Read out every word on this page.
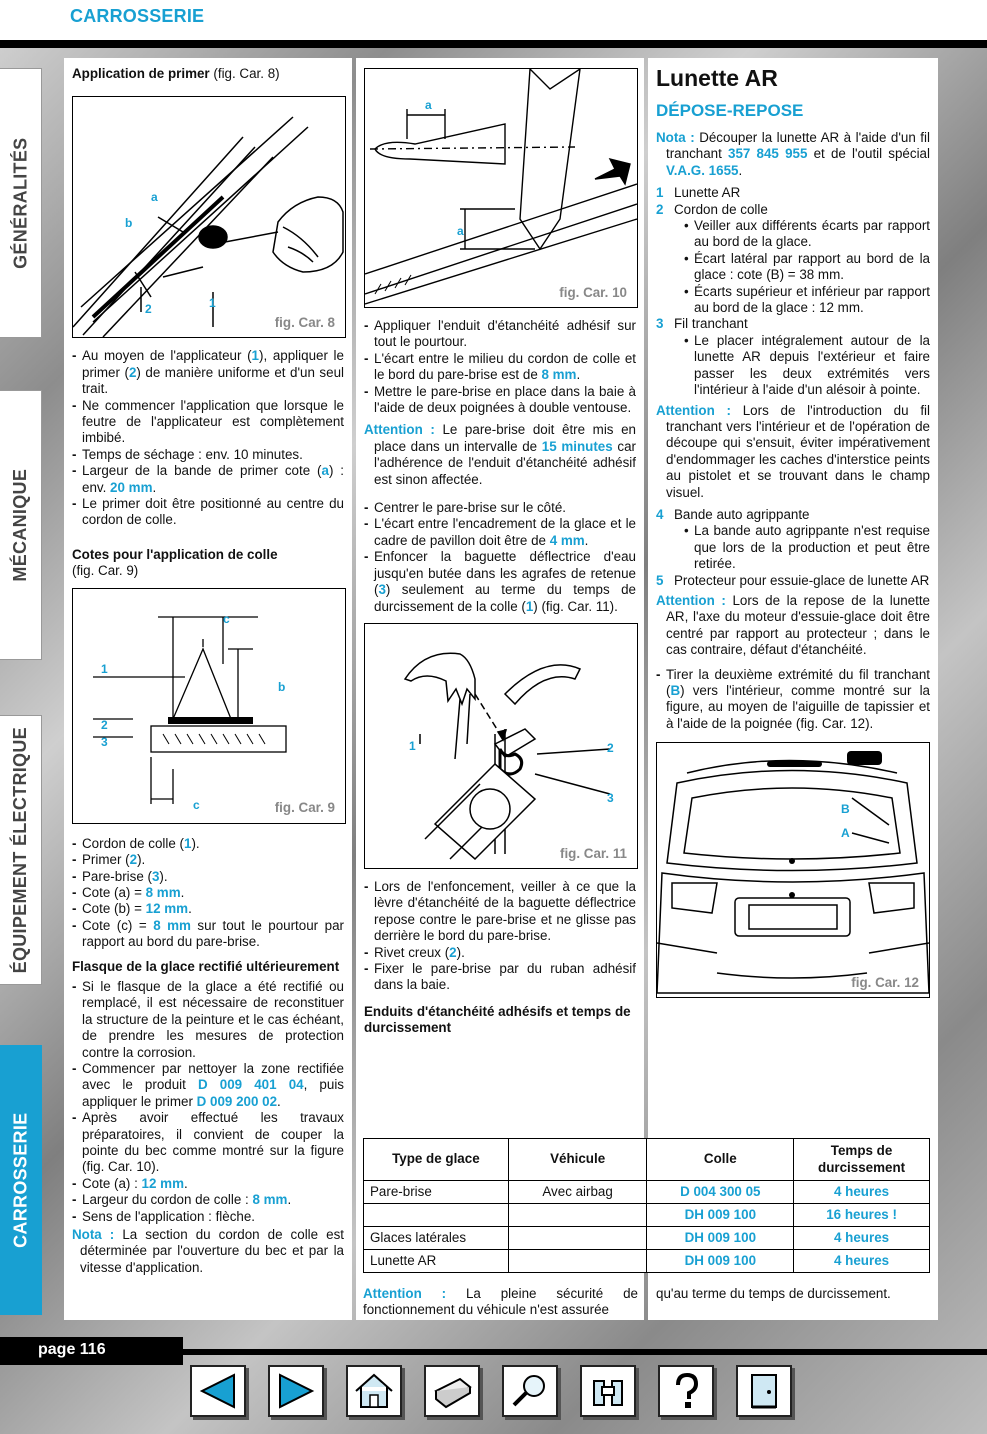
CARROSSERIE
GÉNÉRALITÉS
MÉCANIQUE
ÉQUIPEMENT ÉLECTRIQUE
CARROSSERIE
Application de primer (fig. Car. 8)
a
b
2	1
fig. Car. 8
- Au moyen de l'applicateur (1), appliquer le primer (2) de manière uniforme et d'un seul trait.
- Ne commencer l'application que lorsque le feutre de l'applicateur est complètement imbibé.
- Temps de séchage : env. 10 minutes.
- Largeur de la bande de primer cote (a) : env. 20 mm.
- Le primer doit être positionné au centre du cordon de colle.
Cotes pour l'application de colle
(fig. Car. 9)
c
b
1
2
3
c	fig. Car. 9
- Cordon de colle (1).
- Primer (2).
- Pare-brise (3).
- Cote (a) = 8 mm.
- Cote (b) = 12 mm.
- Cote (c) = 8 mm sur tout le pourtour par rapport au bord du pare-brise.
Flasque de la glace rectifié ultérieurement
- Si le flasque de la glace a été rectifié ou remplacé, il est nécessaire de reconstituer la structure de la peinture et le cas échéant, de prendre les mesures de protection contre la corrosion.
- Commencer par nettoyer la zone rectifiée avec le produit D 009 401 04, puis appliquer le primer D 009 200 02.
- Après avoir effectué les travaux préparatoires, il convient de couper la pointe du bec comme montré sur la figure (fig. Car. 10).
- Cote (a) : 12 mm.
- Largeur du cordon de colle : 8 mm.
- Sens de l'application : flèche.
Nota : La section du cordon de colle est déterminée par l'ouverture du bec et par la vitesse d'application.
a
a
fig. Car. 10
- Appliquer l'enduit d'étanchéité adhésif sur tout le pourtour.
- L'écart entre le milieu du cordon de colle et le bord du pare-brise est de 8 mm.
- Mettre le pare-brise en place dans la baie à l'aide de deux poignées à double ventouse.
Attention : Le pare-brise doit être mis en place dans un intervalle de 15 minutes car l'adhérence de l'enduit d'étanchéité adhésif est sinon affectée.
- Centrer le pare-brise sur le côté.
- L'écart entre l'encadrement de la glace et le cadre de pavillon doit être de 4 mm.
- Enfoncer la baguette déflectrice d'eau jusqu'en butée dans les agrafes de retenue (3) seulement au terme du temps de durcissement de la colle (1) (fig. Car. 11).
1	2
3
fig. Car. 11
- Lors de l'enfoncement, veiller à ce que la lèvre d'étanchéité de la baguette déflectrice repose contre le pare-brise et ne glisse pas derrière le bord du pare-brise.
- Rivet creux (2).
- Fixer le pare-brise par du ruban adhésif dans la baie.
Enduits d'étanchéité adhésifs et temps de durcissement
Lunette AR
DÉPOSE-REPOSE
Nota : Découper la lunette AR à l'aide d'un fil tranchant 357 845 955 et de l'outil spécial V.A.G. 1655.
1 Lunette AR
2 Cordon de colle
• Veiller aux différents écarts par rapport au bord de la glace.
• Écart latéral par rapport au bord de la glace : cote (B) = 38 mm.
• Écarts supérieur et inférieur par rapport au bord de la glace : 12 mm.
3 Fil tranchant
• Le placer intégralement autour de la lunette AR depuis l'extérieur et faire passer les deux extrémités vers l'intérieur à l'aide d'un alésoir à pointe.
Attention : Lors de l'introduction du fil tranchant vers l'intérieur et de l'opération de découpe qui s'ensuit, éviter impérativement d'endommager les caches d'interstice peints au pistolet et se trouvant dans le champ visuel.
4 Bande auto agrippante
• La bande auto agrippante n'est requise que lors de la production et peut être retirée.
5 Protecteur pour essuie-glace de lunette AR
Attention : Lors de la repose de la lunette AR, l'axe du moteur d'essuie-glace doit être centré par rapport au protecteur ; dans le cas contraire, défaut d'étanchéité.
- Tirer la deuxième extrémité du fil tranchant (B) vers l'intérieur, comme montré sur la figure, au moyen de l'aiguille de tapissier et à l'aide de la poignée (fig. Car. 12).
B
A
fig. Car. 12
Type de glace	Véhicule	Colle	Temps de durcissement
Pare-brise	Avec airbag	D 004 300 05	4 heures
		DH 009 100	16 heures !
Glaces latérales		DH 009 100	4 heures
Lunette AR		DH 009 100	4 heures
Attention : La pleine sécurité de fonctionnement du véhicule n'est assurée
qu'au terme du temps de durcissement.
page 116
